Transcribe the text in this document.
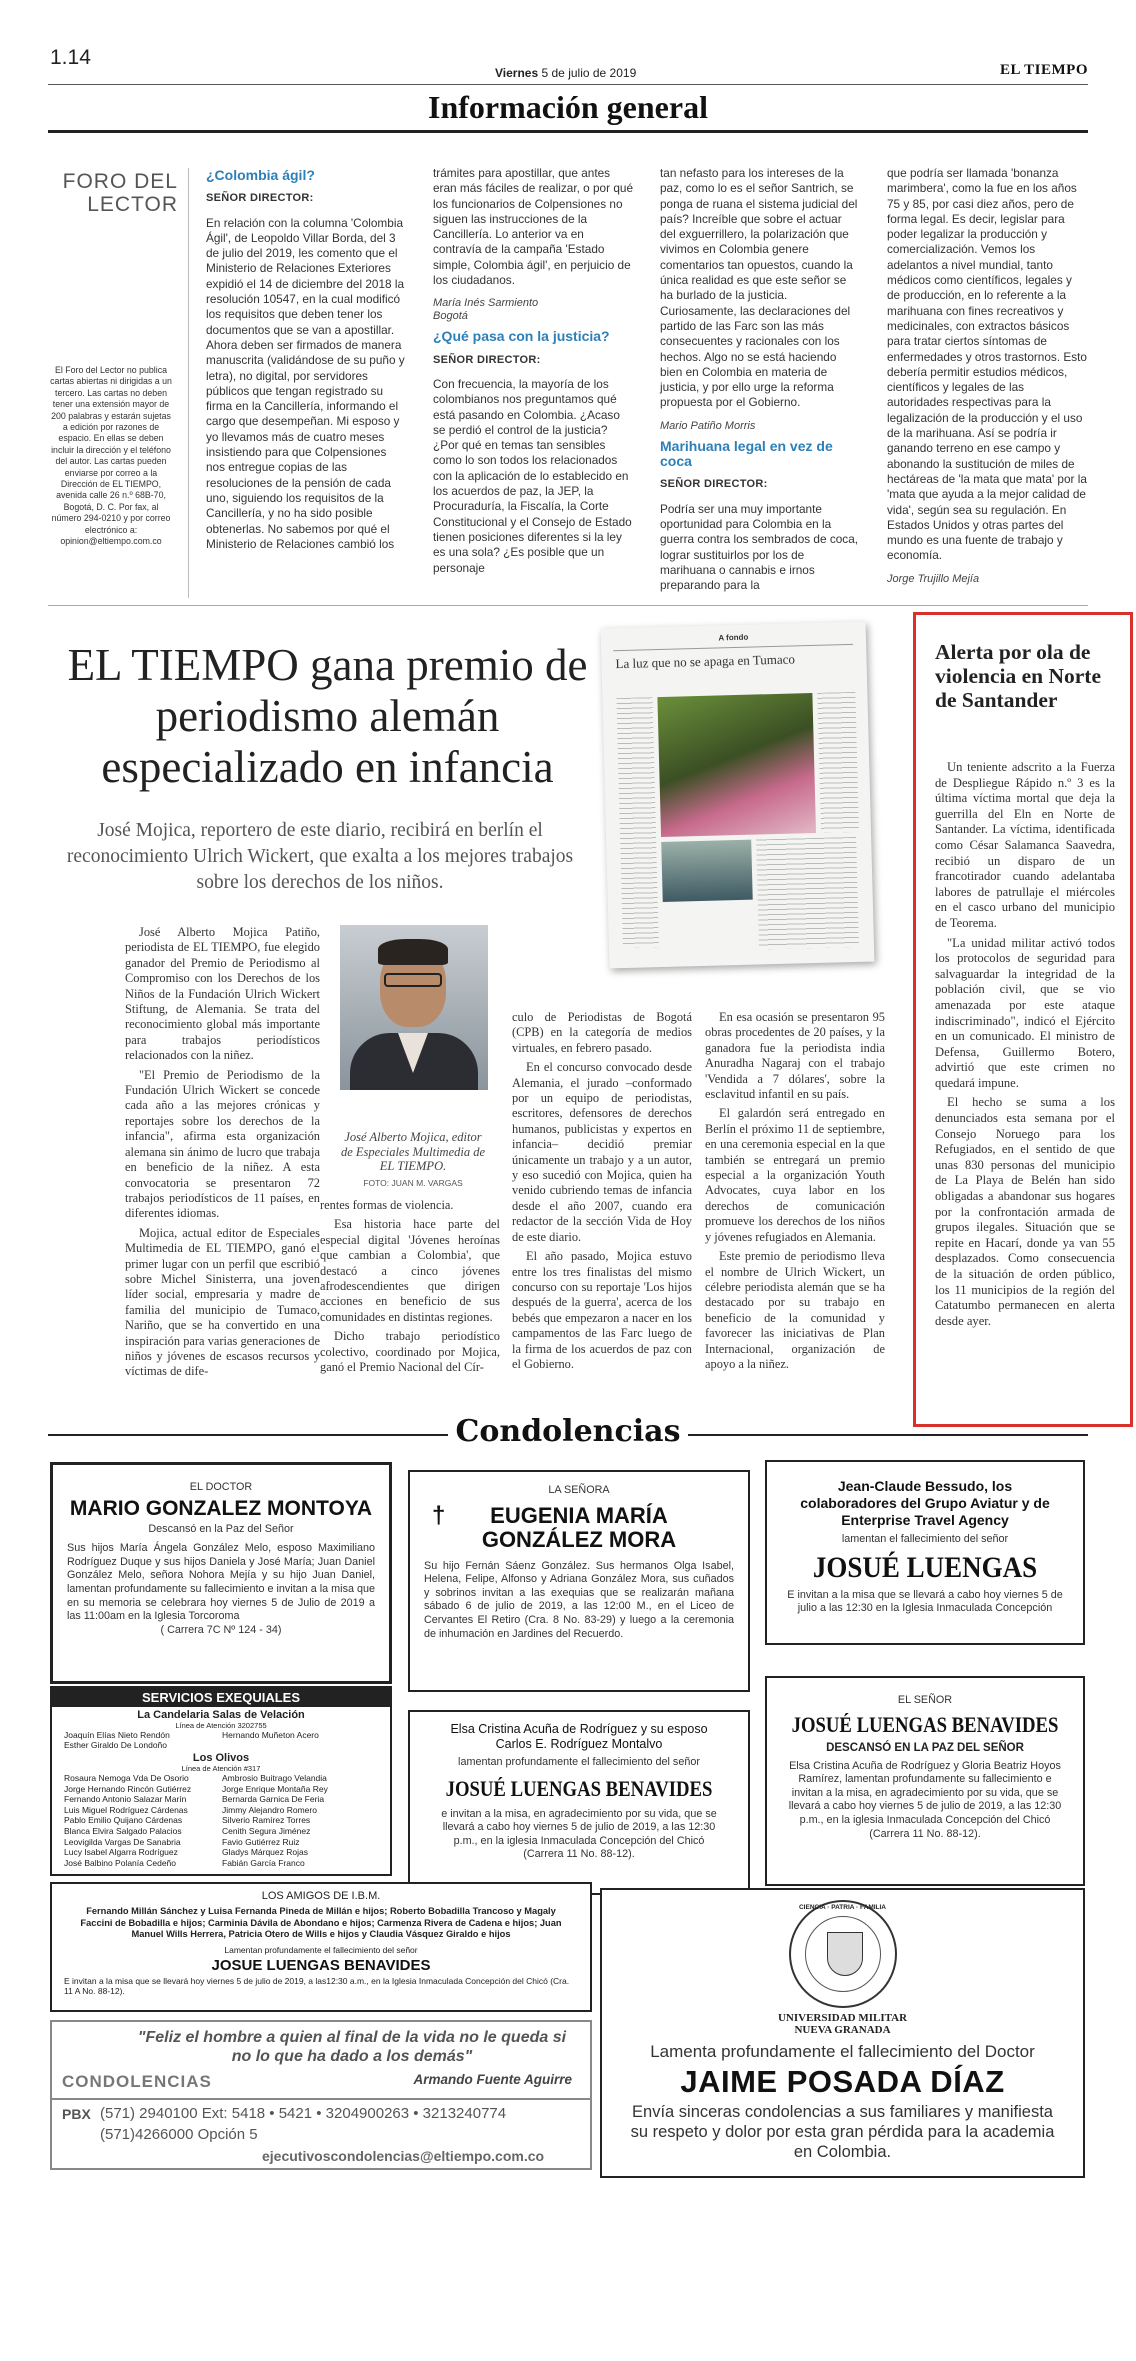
1.14
Viernes 5 de julio de 2019	EL TIEMPO
Información general
FORO DEL
LECTOR
El Foro del Lector no publica cartas abiertas ni dirigidas a un tercero. Las cartas no deben tener una extensión mayor de 200 palabras y estarán sujetas a edición por razones de espacio. En ellas se deben incluir la dirección y el teléfono del autor. Las cartas pueden enviarse por correo a la Dirección de EL TIEMPO, avenida calle 26 n.º 68B-70, Bogotá, D. C. Por fax, al número 294-0210 y por correo electrónico a: opinion@eltiempo.com.co
¿Colombia ágil?
SEÑOR DIRECTOR:

En relación con la columna 'Colombia Ágil', de Leopoldo Villar Borda, del 3 de julio del 2019, les comento que el Ministerio de Relaciones Exteriores expidió el 14 de diciembre del 2018 la resolución 10547, en la cual modificó los requisitos que deben tener los documentos que se van a apostillar. Ahora deben ser firmados de manera manuscrita (validándose de su puño y letra), no digital, por servidores públicos que tengan registrado su firma en la Cancillería, informando el cargo que desempeñan. Mi esposo y yo llevamos más de cuatro meses insistiendo para que Colpensiones nos entregue copias de las resoluciones de la pensión de cada uno, siguiendo los requisitos de la Cancillería, y no ha sido posible obtenerlas. No sabemos por qué el Ministerio de Relaciones cambió los

trámites para apostillar, que antes eran más fáciles de realizar, o por qué los funcionarios de Colpensiones no siguen las instrucciones de la Cancillería. Lo anterior va en contravía de la campaña 'Estado simple, Colombia ágil', en perjuicio de los ciudadanos.

María Inés Sarmiento
Bogotá
¿Qué pasa con la justicia?
SEÑOR DIRECTOR:

Con frecuencia, la mayoría de los colombianos nos preguntamos qué está pasando en Colombia. ¿Acaso se perdió el control de la justicia? ¿Por qué en temas tan sensibles como lo son todos los relacionados con la aplicación de lo establecido en los acuerdos de paz, la JEP, la Procuraduría, la Fiscalía, la Corte Constitucional y el Consejo de Estado tienen posiciones diferentes si la ley es una sola? ¿Es posible que un personaje

tan nefasto para los intereses de la paz, como lo es el señor Santrich, se ponga de ruana el sistema judicial del país? Increíble que sobre el actuar del exguerrillero, la polarización que vivimos en Colombia genere comentarios tan opuestos, cuando la única realidad es que este señor se ha burlado de la justicia. Curiosamente, las declaraciones del partido de las Farc son las más consecuentes y racionales con los hechos. Algo no se está haciendo bien en Colombia en materia de justicia, y por ello urge la reforma propuesta por el Gobierno.

Mario Patiño Morris
Marihuana legal en vez de coca
SEÑOR DIRECTOR:

Podría ser una muy importante oportunidad para Colombia en la guerra contra los sembrados de coca, lograr sustituirlos por los de marihuana o cannabis e irnos preparando para la

que podría ser llamada 'bonanza marimbera', como la fue en los años 75 y 85, por casi diez años, pero de forma legal. Es decir, legislar para poder legalizar la producción y comercialización. Vemos los adelantos a nivel mundial, tanto médicos como científicos, legales y de producción, en lo referente a la marihuana con fines recreativos y medicinales, con extractos básicos para tratar ciertos síntomas de enfermedades y otros trastornos. Esto debería permitir estudios médicos, científicos y legales de las autoridades respectivas para la legalización de la producción y el uso de la marihuana. Así se podría ir ganando terreno en ese campo y abonando la sustitución de miles de hectáreas de 'la mata que mata' por la 'mata que ayuda a la mejor calidad de vida', según sea su regulación. En Estados Unidos y otras partes del mundo es una fuente de trabajo y economía.

Jorge Trujillo Mejía
EL TIEMPO gana premio de periodismo alemán especializado en infancia
José Mojica, reportero de este diario, recibirá en berlín el reconocimiento Ulrich Wickert, que exalta a los mejores trabajos sobre los derechos de los niños.
A fondo
La luz que no se apaga en Tumaco

José Alberto Mojica Patiño, periodista de EL TIEMPO, fue elegido ganador del Premio de Periodismo al Compromiso con los Derechos de los Niños de la Fundación Ulrich Wickert Stiftung, de Alemania. Se trata del reconocimiento global más importante para trabajos periodísticos relacionados con la niñez.

"El Premio de Periodismo de la Fundación Ulrich Wickert se concede cada año a las mejores crónicas y reportajes sobre los derechos de la infancia", afirma esta organización alemana sin ánimo de lucro que trabaja en beneficio de la niñez. A esta convocatoria se presentaron 72 trabajos periodísticos de 11 países, en diferentes idiomas.

Mojica, actual editor de Especiales Multimedia de EL TIEMPO, ganó el primer lugar con un perfil que escribió sobre Michel Sinisterra, una joven líder social, empresaria y madre de familia del municipio de Tumaco, Nariño, que se ha convertido en una inspiración para varias generaciones de niños y jóvenes de escasos recursos y víctimas de dife-

José Alberto Mojica, editor de Especiales Multimedia de EL TIEMPO.
FOTO: JUAN M. VARGAS

rentes formas de violencia.

Esa historia hace parte del especial digital 'Jóvenes heroínas que cambian a Colombia', que destacó a cinco jóvenes afrodescendientes que dirigen acciones en beneficio de sus comunidades en distintas regiones.

Dicho trabajo periodístico colectivo, coordinado por Mojica, ganó el Premio Nacional del Cír-

culo de Periodistas de Bogotá (CPB) en la categoría de medios virtuales, en febrero pasado.

En el concurso convocado desde Alemania, el jurado –conformado por un equipo de periodistas, escritores, defensores de derechos humanos, publicistas y expertos en infancia– decidió premiar únicamente un trabajo y a un autor, y eso sucedió con Mojica, quien ha venido cubriendo temas de infancia desde el año 2007, cuando era redactor de la sección Vida de Hoy de este diario.

El año pasado, Mojica estuvo entre los tres finalistas del mismo concurso con su reportaje 'Los hijos después de la guerra', acerca de los bebés que empezaron a nacer en los campamentos de las Farc luego de la firma de los acuerdos de paz con el Gobierno.

En esa ocasión se presentaron 95 obras procedentes de 20 países, y la ganadora fue la periodista india Anuradha Nagaraj con el trabajo 'Vendida a 7 dólares', sobre la esclavitud infantil en su país.

El galardón será entregado en Berlín el próximo 11 de septiembre, en una ceremonia especial en la que también se entregará un premio especial a la organización Youth Advocates, cuya labor en los derechos de comunicación promueve los derechos de los niños y jóvenes refugiados en Alemania.

Este premio de periodismo lleva el nombre de Ulrich Wickert, un célebre periodista alemán que se ha destacado por su trabajo en beneficio de la comunidad y favorecer las iniciativas de Plan Internacional, organización de apoyo a la niñez.

Alerta por ola de violencia en Norte de Santander

Un teniente adscrito a la Fuerza de Despliegue Rápido n.º 3 es la última víctima mortal que deja la guerrilla del Eln en Norte de Santander. La víctima, identificada como César Salamanca Saavedra, recibió un disparo de un francotirador cuando adelantaba labores de patrullaje el miércoles en el casco urbano del municipio de Teorema.

"La unidad militar activó todos los protocolos de seguridad para salvaguardar la integridad de la población civil, que se vio amenazada por este ataque indiscriminado", indicó el Ejército en un comunicado. El ministro de Defensa, Guillermo Botero, advirtió que este crimen no quedará impune.

El hecho se suma a los denunciados esta semana por el Consejo Noruego para los Refugiados, en el sentido de que unas 830 personas del municipio de La Playa de Belén han sido obligadas a abandonar sus hogares por la confrontación armada de grupos ilegales. Situación que se repite en Hacarí, donde ya van 55 desplazados. Como consecuencia de la situación de orden público, los 11 municipios de la región del Catatumbo permanecen en alerta desde ayer.

Condolencias
EL DOCTOR
MARIO GONZALEZ MONTOYA
Descansó en la Paz del Señor
Sus hijos María Ángela González Melo, esposo Maximiliano Rodríguez Duque y sus hijos Daniela y José María; Juan Daniel González Melo, señora Nohora Mejía y su hijo Juan Daniel, lamentan profundamente su fallecimiento e invitan a la misa que en su memoria se celebrara hoy viernes 5 de Julio de 2019 a las 11:00am en la Iglesia Torcoroma
( Carrera 7C Nº 124 - 34)
LA SEÑORA
† EUGENIA MARÍA GONZÁLEZ MORA
Su hijo Fernán Sáenz González. Sus hermanos Olga Isabel, Helena, Felipe, Alfonso y Adriana González Mora, sus cuñados y sobrinos invitan a las exequias que se realizarán mañana sábado 6 de julio de 2019, a las 12:00 M., en el Liceo de Cervantes El Retiro (Cra. 8 No. 83-29) y luego a la ceremonia de inhumación en Jardines del Recuerdo.
Jean-Claude Bessudo, los colaboradores del Grupo Aviatur y de Enterprise Travel Agency
lamentan el fallecimiento del señor
JOSUÉ LUENGAS
E invitan a la misa que se llevará a cabo hoy viernes 5 de julio a las 12:30 en la Iglesia Inmaculada Concepción
SERVICIOS EXEQUIALES
La Candelaria Salas de Velación
Línea de Atención 3202755
Joaquín Elías Nieto Rendón	Hernando Muñeton Acero
Esther Giraldo De Londoño
Los Olivos
Línea de Atención #317
Rosaura Nemoga Vda De Osorio
Jorge Hernando Rincón Gutiérrez
Fernando Antonio Salazar Marín
Luis Miguel Rodríguez Cárdenas
Pablo Emilio Quijano Cárdenas
Blanca Elvira Salgado Palacios
Leovigilda Vargas De Sanabria
Lucy Isabel Algarra Rodríguez
José Balbino Polanía Cedeño
Ambrosio Buitrago Velandia
Jorge Enrique Montaña Rey
Bernarda Garnica De Feria
Jimmy Alejandro Romero
Silverio Ramírez Torres
Cenith Segura Jiménez
Favio Gutiérrez Ruiz
Gladys Márquez Rojas
Fabián García Franco
Elsa Cristina Acuña de Rodríguez y su esposo Carlos E. Rodríguez Montalvo
lamentan profundamente el fallecimiento del señor
JOSUÉ LUENGAS BENAVIDES
e invitan a la misa, en agradecimiento por su vida, que se llevará a cabo hoy viernes 5 de julio de 2019, a las 12:30 p.m., en la iglesia Inmaculada Concepción del Chicó (Carrera 11 No. 88-12).
EL SEÑOR
JOSUÉ LUENGAS BENAVIDES
DESCANSÓ EN LA PAZ DEL SEÑOR
Elsa Cristina Acuña de Rodríguez y Gloria Beatriz Hoyos Ramírez, lamentan profundamente su fallecimiento e invitan a la misa, en agradecimiento por su vida, que se llevará a cabo hoy viernes 5 de julio de 2019, a las 12:30 p.m., en la iglesia Inmaculada Concepción del Chicó (Carrera 11 No. 88-12).
LOS AMIGOS DE I.B.M.
Fernando Millán Sánchez y Luisa Fernanda Pineda de Millán e hijos; Roberto Bobadilla Trancoso y Magaly Faccini de Bobadilla e hijos; Carminia Dávila de Abondano e hijos; Carmenza Rivera de Cadena e hijos; Juan Manuel Wills Herrera, Patricia Otero de Wills e hijos y Claudia Vásquez Giraldo e hijos
Lamentan profundamente el fallecimiento del señor
JOSUE LUENGAS BENAVIDES
E invitan a la misa que se llevará hoy viernes 5 de julio de 2019, a las12:30 a.m., en la Iglesia Inmaculada Concepción del Chicó (Cra. 11 A No. 88-12).
"Feliz el hombre a quien al final de la vida no le queda si no lo que ha dado a los demás"
Armando Fuente Aguirre
CONDOLENCIAS
PBX (571) 2940100 Ext: 5418 • 5421 • 3204900263 • 3213240774
(571)4266000 Opción 5
ejecutivoscondolencias@eltiempo.com.co
CIENCIA · PATRIA · FAMILIA
UNIVERSIDAD MILITAR
NUEVA GRANADA
Lamenta profundamente el fallecimiento del Doctor
JAIME POSADA DÍAZ
Envía sinceras condolencias a sus familiares y manifiesta su respeto y dolor por esta gran pérdida para la academia en Colombia.
